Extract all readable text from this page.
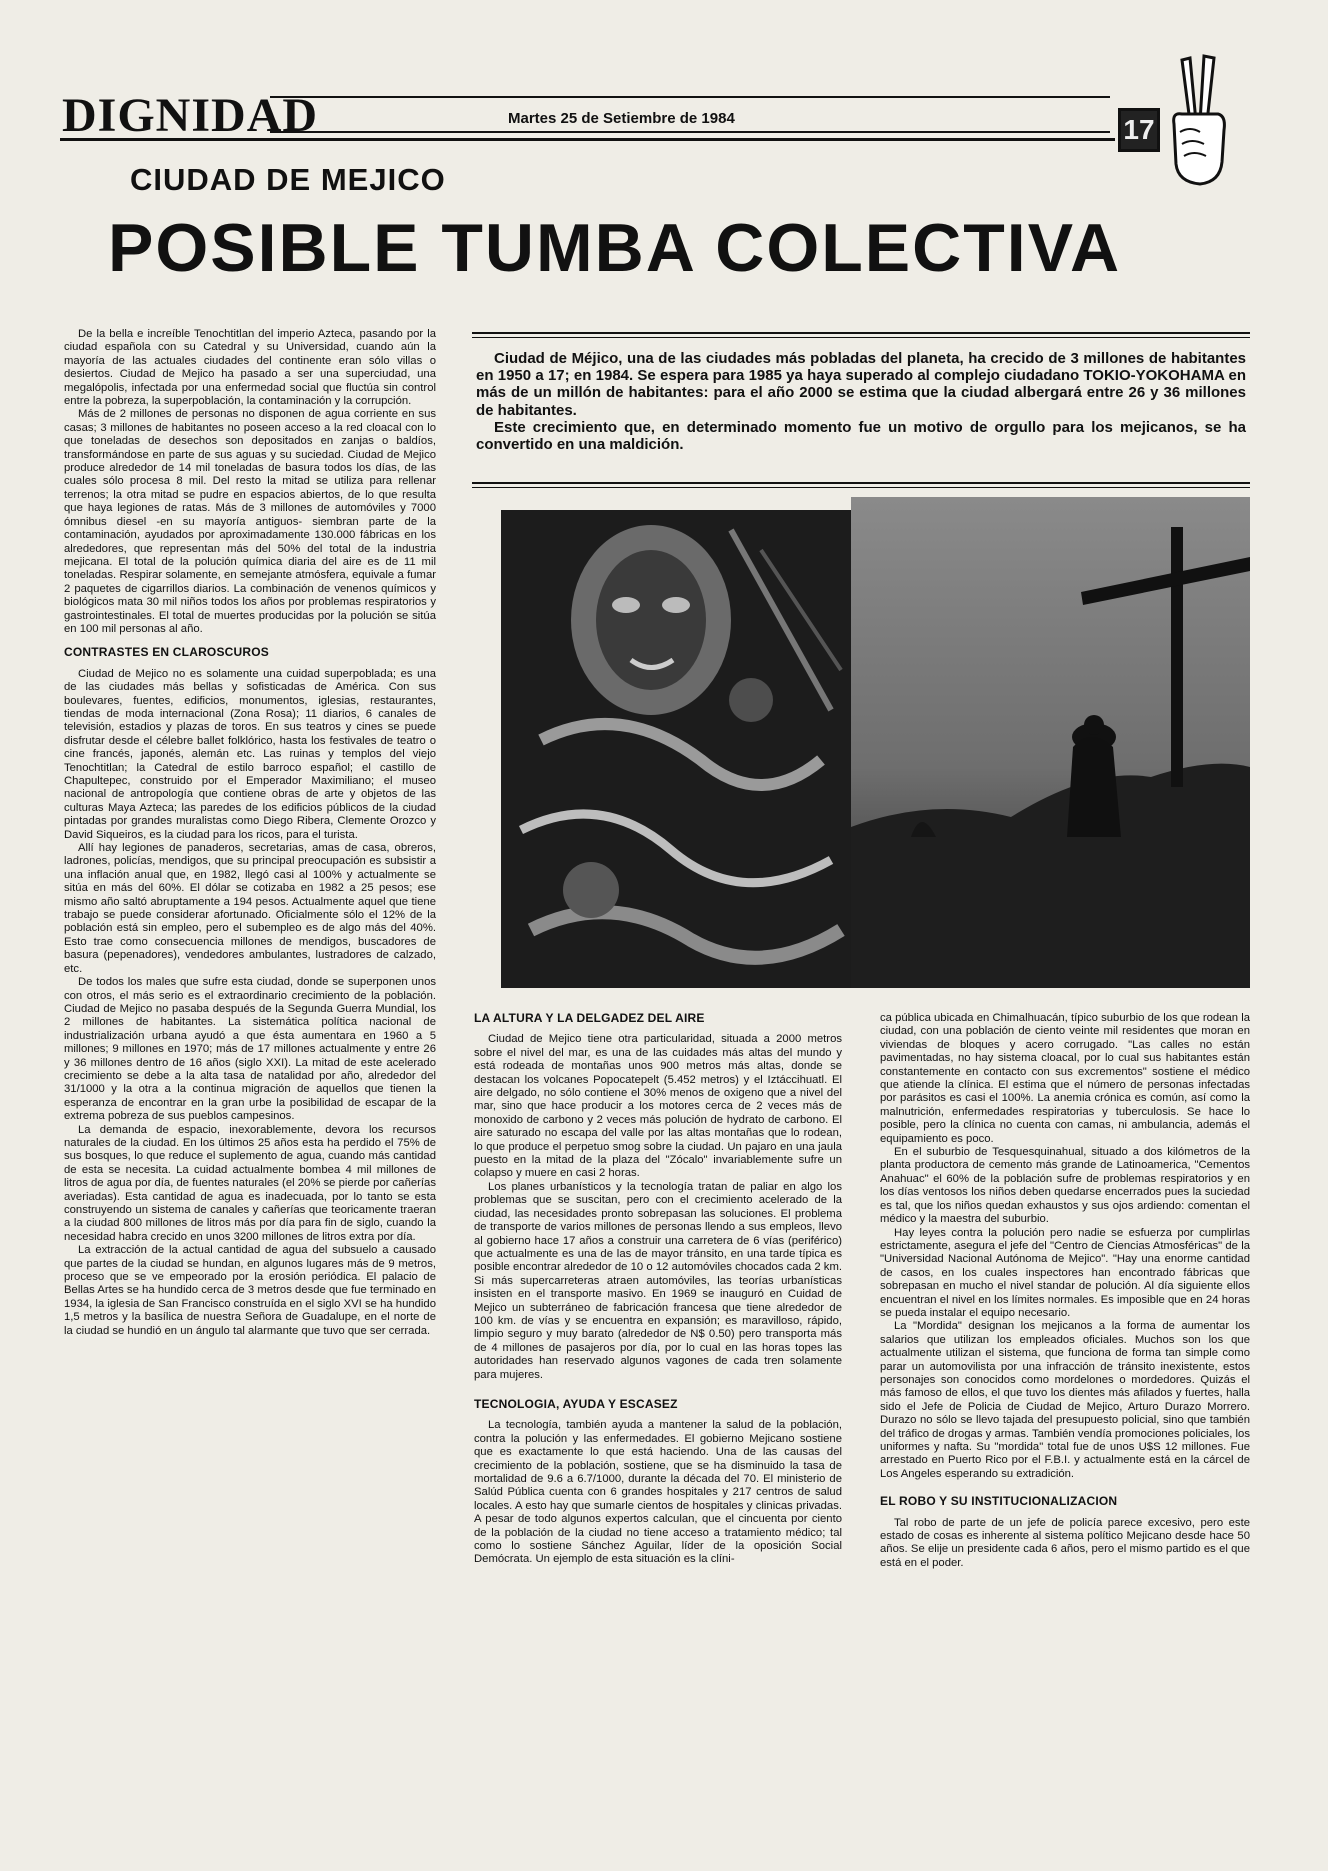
DIGNIDAD	Martes 25 de Setiembre de 1984	17
CIUDAD DE MEJICO
POSIBLE TUMBA COLECTIVA

De la bella e increíble Tenochtitlan del imperio Azteca, pasando por la ciudad española con su Catedral y su Universidad, cuando aún la mayoría de las actuales ciudades del continente eran sólo villas o desiertos. Ciudad de Mejico ha pasado a ser una superciudad, una megalópolis, infectada por una enfermedad social que fluctúa sin control entre la pobreza, la superpoblación, la contaminación y la corrupción.

Más de 2 millones de personas no disponen de agua corriente en sus casas; 3 millones de habitantes no poseen acceso a la red cloacal con lo que toneladas de desechos son depositados en zanjas o baldíos, transformándose en parte de sus aguas y su suciedad. Ciudad de Mejico produce alrededor de 14 mil toneladas de basura todos los días, de las cuales sólo procesa 8 mil. Del resto la mitad se utiliza para rellenar terrenos; la otra mitad se pudre en espacios abiertos, de lo que resulta que haya legiones de ratas. Más de 3 millones de automóviles y 7000 ómnibus diesel -en su mayoría antiguos- siembran parte de la contaminación, ayudados por aproximadamente 130.000 fábricas en los alrededores, que representan más del 50% del total de la industria mejicana. El total de la polución química diaria del aire es de 11 mil toneladas. Respirar solamente, en semejante atmósfera, equivale a fumar 2 paquetes de cigarrillos diarios. La combinación de venenos químicos y biológicos mata 30 mil niños todos los años por problemas respiratorios y gastrointestinales. El total de muertes producidas por la polución se sitúa en 100 mil personas al año.

CONTRASTES EN CLAROSCUROS

Ciudad de Mejico no es solamente una cuidad superpoblada; es una de las ciudades más bellas y sofisticadas de América. Con sus boulevares, fuentes, edificios, monumentos, iglesias, restaurantes, tiendas de moda internacional (Zona Rosa); 11 diarios, 6 canales de televisión, estadios y plazas de toros. En sus teatros y cines se puede disfrutar desde el célebre ballet folklórico, hasta los festivales de teatro o cine francés, japonés, alemán etc. Las ruinas y templos del viejo Tenochtitlan; la Catedral de estilo barroco español; el castillo de Chapultepec, construido por el Emperador Maximiliano; el museo nacional de antropología que contiene obras de arte y objetos de las culturas Maya Azteca; las paredes de los edificios públicos de la ciudad pintadas por grandes muralistas como Diego Ribera, Clemente Orozco y David Siqueiros, es la ciudad para los ricos, para el turista.

Allí hay legiones de panaderos, secretarias, amas de casa, obreros, ladrones, policías, mendigos, que su principal preocupación es subsistir a una inflación anual que, en 1982, llegó casi al 100% y actualmente se sitúa en más del 60%. El dólar se cotizaba en 1982 a 25 pesos; ese mismo año saltó abruptamente a 194 pesos. Actualmente aquel que tiene trabajo se puede considerar afortunado. Oficialmente sólo el 12% de la población está sin empleo, pero el subempleo es de algo más del 40%. Esto trae como consecuencia millones de mendigos, buscadores de basura (pepenadores), vendedores ambulantes, lustradores de calzado, etc.

De todos los males que sufre esta ciudad, donde se superponen unos con otros, el más serio es el extraordinario crecimiento de la población. Ciudad de Mejico no pasaba después de la Segunda Guerra Mundial, los 2 millones de habitantes. La sistemática política nacional de industrialización urbana ayudó a que ésta aumentara en 1960 a 5 millones; 9 millones en 1970; más de 17 millones actualmente y entre 26 y 36 millones dentro de 16 años (siglo XXI). La mitad de este acelerado crecimiento se debe a la alta tasa de natalidad por año, alrededor del 31/1000 y la otra a la continua migración de aquellos que tienen la esperanza de encontrar en la gran urbe la posibilidad de escapar de la extrema pobreza de sus pueblos campesinos.

La demanda de espacio, inexorablemente, devora los recursos naturales de la ciudad. En los últimos 25 años esta ha perdido el 75% de sus bosques, lo que reduce el suplemento de agua, cuando más cantidad de esta se necesita. La cuidad actualmente bombea 4 mil millones de litros de agua por día, de fuentes naturales (el 20% se pierde por cañerías averiadas). Esta cantidad de agua es inadecuada, por lo tanto se esta construyendo un sistema de canales y cañerías que teoricamente traeran a la ciudad 800 millones de litros más por día para fin de siglo, cuando la necesidad habra crecido en unos 3200 millones de litros extra por día.

La extracción de la actual cantidad de agua del subsuelo a causado que partes de la ciudad se hundan, en algunos lugares más de 9 metros, proceso que se ve empeorado por la erosión periódica. El palacio de Bellas Artes se ha hundido cerca de 3 metros desde que fue terminado en 1934, la iglesia de San Francisco construída en el siglo XVI se ha hundido 1,5 metros y la basílica de nuestra Señora de Guadalupe, en el norte de la ciudad se hundió en un ángulo tal alarmante que tuvo que ser cerrada.

Ciudad de Méjico, una de las ciudades más pobladas del planeta, ha crecido de 3 millones de habitantes en 1950 a 17; en 1984. Se espera para 1985 ya haya superado al complejo ciudadano TOKIO-YOKOHAMA en más de un millón de habitantes: para el año 2000 se estima que la ciudad albergará entre 26 y 36 millones de habitantes.

Este crecimiento que, en determinado momento fue un motivo de orgullo para los mejicanos, se ha convertido en una maldición.

LA ALTURA Y LA DELGADEZ DEL AIRE

Ciudad de Mejico tiene otra particularidad, situada a 2000 metros sobre el nivel del mar, es una de las cuidades más altas del mundo y está rodeada de montañas unos 900 metros más altas, donde se destacan los volcanes Popocatepelt (5.452 metros) y el Iztáccihuatl. El aire delgado, no sólo contiene el 30% menos de oxigeno que a nivel del mar, sino que hace producir a los motores cerca de 2 veces más de monoxido de carbono y 2 veces más polución de hydrato de carbono. El aire saturado no escapa del valle por las altas montañas que lo rodean, lo que produce el perpetuo smog sobre la ciudad. Un pajaro en una jaula puesto en la mitad de la plaza del "Zócalo" invariablemente sufre un colapso y muere en casi 2 horas.

Los planes urbanísticos y la tecnología tratan de paliar en algo los problemas que se suscitan, pero con el crecimiento acelerado de la ciudad, las necesidades pronto sobrepasan las soluciones. El problema de transporte de varios millones de personas llendo a sus empleos, llevo al gobierno hace 17 años a construir una carretera de 6 vías (periférico) que actualmente es una de las de mayor tránsito, en una tarde típica es posible encontrar alrededor de 10 o 12 automóviles chocados cada 2 km. Si más supercarreteras atraen automóviles, las teorías urbanísticas insisten en el transporte masivo. En 1969 se inauguró en Cuidad de Mejico un subterráneo de fabricación francesa que tiene alrededor de 100 km. de vías y se encuentra en expansión; es maravilloso, rápido, limpio seguro y muy barato (alrededor de N$ 0.50) pero transporta más de 4 millones de pasajeros por día, por lo cual en las horas topes las autoridades han reservado algunos vagones de cada tren solamente para mujeres.

TECNOLOGIA, AYUDA Y ESCASEZ

La tecnología, también ayuda a mantener la salud de la población, contra la polución y las enfermedades. El gobierno Mejicano sostiene que es exactamente lo que está haciendo. Una de las causas del crecimiento de la población, sostiene, que se ha disminuido la tasa de mortalidad de 9.6 a 6.7/1000, durante la década del 70. El ministerio de Salúd Pública cuenta con 6 grandes hospitales y 217 centros de salud locales. A esto hay que sumarle cientos de hospitales y clinicas privadas. A pesar de todo algunos expertos calculan, que el cincuenta por ciento de la población de la ciudad no tiene acceso a tratamiento médico; tal como lo sostiene Sánchez Aguilar, líder de la oposición Social Demócrata. Un ejemplo de esta situación es la clíni-

ca pública ubicada en Chimalhuacán, típico suburbio de los que rodean la ciudad, con una población de ciento veinte mil residentes que moran en viviendas de bloques y acero corrugado. "Las calles no están pavimentadas, no hay sistema cloacal, por lo cual sus habitantes están constantemente en contacto con sus excrementos" sostiene el médico que atiende la clínica. El estima que el número de personas infectadas por parásitos es casi el 100%. La anemia crónica es común, así como la malnutrición, enfermedades respiratorias y tuberculosis. Se hace lo posible, pero la clínica no cuenta con camas, ni ambulancia, además el equipamiento es poco.

En el suburbio de Tesquesquinahual, situado a dos kilómetros de la planta productora de cemento más grande de Latinoamerica, "Cementos Anahuac" el 60% de la población sufre de problemas respiratorios y en los días ventosos los niños deben quedarse encerrados pues la suciedad es tal, que los niños quedan exhaustos y sus ojos ardiendo: comentan el médico y la maestra del suburbio.

Hay leyes contra la polución pero nadie se esfuerza por cumplirlas estrictamente, asegura el jefe del "Centro de Ciencias Atmosféricas" de la "Universidad Nacional Autónoma de Mejico". "Hay una enorme cantidad de casos, en los cuales inspectores han encontrado fábricas que sobrepasan en mucho el nivel standar de polución. Al día siguiente ellos encuentran el nivel en los límites normales. Es imposible que en 24 horas se pueda instalar el equipo necesario.

La "Mordida" designan los mejicanos a la forma de aumentar los salarios que utilizan los empleados oficiales. Muchos son los que actualmente utilizan el sistema, que funciona de forma tan simple como parar un automovilista por una infracción de tránsito inexistente, estos personajes son conocidos como mordelones o mordedores. Quizás el más famoso de ellos, el que tuvo los dientes más afilados y fuertes, halla sido el Jefe de Policia de Ciudad de Mejico, Arturo Durazo Morrero. Durazo no sólo se llevo tajada del presupuesto policial, sino que también del tráfico de drogas y armas. También vendía promociones policiales, los uniformes y nafta. Su "mordida" total fue de unos U$S 12 millones. Fue arrestado en Puerto Rico por el F.B.I. y actualmente está en la cárcel de Los Angeles esperando su extradición.

EL ROBO Y SU INSTITUCIONALIZACION

Tal robo de parte de un jefe de policía parece excesivo, pero este estado de cosas es inherente al sistema político Mejicano desde hace 50 años. Se elije un presidente cada 6 años, pero el mismo partido es el que está en el poder.
